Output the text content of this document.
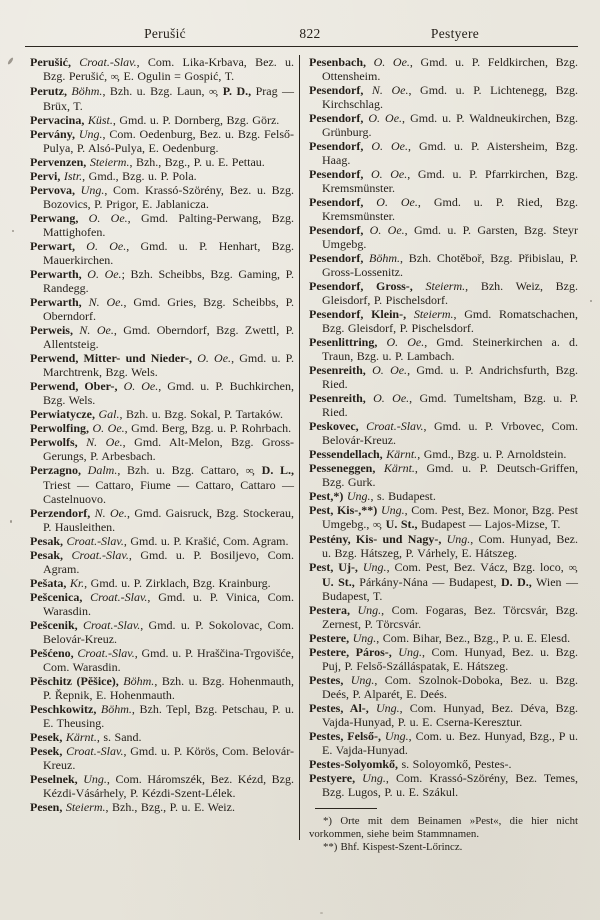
Perušić	822	Pestyere

Perušić, Croat.-Slav., Com. Lika-Krbava, Bez. u. Bzg. Perušić, ∞, E. Ogulin = Gospić, T.

Perutz, Böhm., Bzh. u. Bzg. Laun, ∞, P. D., Prag — Brüx, T.

Pervacina, Küst., Gmd. u. P. Dornberg, Bzg. Görz.

Pervány, Ung., Com. Oedenburg, Bez. u. Bzg. Felső-Pulya, P. Alsó-Pulya, E. Oedenburg.

Pervenzen, Steierm., Bzh., Bzg., P. u. E. Pettau.

Pervi, Istr., Gmd., Bzg. u. P. Pola.

Pervova, Ung., Com. Krassó-Szörény, Bez. u. Bzg. Bozovics, P. Prigor, E. Jablanicza.

Perwang, O. Oe., Gmd. Palting-Perwang, Bzg. Mattighofen.

Perwart, O. Oe., Gmd. u. P. Henhart, Bzg. Mauerkirchen.

Perwarth, O. Oe.; Bzh. Scheibbs, Bzg. Gaming, P. Randegg.

Perwarth, N. Oe., Gmd. Gries, Bzg. Scheibbs, P. Oberndorf.

Perweis, N. Oe., Gmd. Oberndorf, Bzg. Zwettl, P. Allentsteig.

Perwend, Mitter- und Nieder-, O. Oe., Gmd. u. P. Marchtrenk, Bzg. Wels.

Perwend, Ober-, O. Oe., Gmd. u. P. Buchkirchen, Bzg. Wels.

Perwiatycze, Gal., Bzh. u. Bzg. Sokal, P. Tartaków.

Perwolfing, O. Oe., Gmd. Berg, Bzg. u. P. Rohrbach.

Perwolfs, N. Oe., Gmd. Alt-Melon, Bzg. Gross-Gerungs, P. Arbesbach.

Perzagno, Dalm., Bzh. u. Bzg. Cattaro, ∞, D. L., Triest — Cattaro, Fiume — Cattaro, Cattaro — Castelnuovo.

Perzendorf, N. Oe., Gmd. Gaisruck, Bzg. Stockerau, P. Hausleithen.

Pesak, Croat.-Slav., Gmd. u. P. Krašić, Com. Agram.

Pesak, Croat.-Slav., Gmd. u. P. Bosiljevo, Com. Agram.

Pešata, Kr., Gmd. u. P. Zirklach, Bzg. Krainburg.

Pešcenica, Croat.-Slav., Gmd. u. P. Vinica, Com. Warasdin.

Pešcenik, Croat.-Slav., Gmd. u. P. Sokolovac, Com. Belovár-Kreuz.

Pešćeno, Croat.-Slav., Gmd. u. P. Hraščina-Trgovišće, Com. Warasdin.

Pĕschitz (Pĕšice), Böhm., Bzh. u. Bzg. Hohenmauth, P. Řepnik, E. Hohenmauth.

Peschkowitz, Böhm., Bzh. Tepl, Bzg. Petschau, P. u. E. Theusing.

Pesek, Kärnt., s. Sand.

Pesek, Croat.-Slav., Gmd. u. P. Körös, Com. Belovár-Kreuz.

Peselnek, Ung., Com. Háromszék, Bez. Kézd, Bzg. Kézdi-Vásárhely, P. Kézdi-Szent-Lélek.

Pesen, Steierm., Bzh., Bzg., P. u. E. Weiz.

Pesenbach, O. Oe., Gmd. u. P. Feldkirchen, Bzg. Ottensheim.

Pesendorf, N. Oe., Gmd. u. P. Lichtenegg, Bzg. Kirchschlag.

Pesendorf, O. Oe., Gmd. u. P. Waldneukirchen, Bzg. Grünburg.

Pesendorf, O. Oe., Gmd. u. P. Aistersheim, Bzg. Haag.

Pesendorf, O. Oe., Gmd. u. P. Pfarrkirchen, Bzg. Kremsmünster.

Pesendorf, O. Oe., Gmd. u. P. Ried, Bzg. Kremsmünster.

Pesendorf, O. Oe., Gmd. u. P. Garsten, Bzg. Steyr Umgebg.

Pesendorf, Böhm., Bzh. Chotěboř, Bzg. Přibislau, P. Gross-Lossenitz.

Pesendorf, Gross-, Steierm., Bzh. Weiz, Bzg. Gleisdorf, P. Pischelsdorf.

Pesendorf, Klein-, Steierm., Gmd. Romatschachen, Bzg. Gleisdorf, P. Pischelsdorf.

Pesenlittring, O. Oe., Gmd. Steinerkirchen a. d. Traun, Bzg. u. P. Lambach.

Pesenreith, O. Oe., Gmd. u. P. Andrichsfurth, Bzg. Ried.

Pesenreith, O. Oe., Gmd. Tumeltsham, Bzg. u. P. Ried.

Peskovec, Croat.-Slav., Gmd. u. P. Vrbovec, Com. Belovár-Kreuz.

Pessendellach, Kärnt., Gmd., Bzg. u. P. Arnoldstein.

Pesseneggen, Kärnt., Gmd. u. P. Deutsch-Griffen, Bzg. Gurk.

Pest,*) Ung., s. Budapest.

Pest, Kis-,**) Ung., Com. Pest, Bez. Monor, Bzg. Pest Umgebg., ∞, U. St., Budapest — Lajos-Mizse, T.

Pestény, Kis- und Nagy-, Ung., Com. Hunyad, Bez. u. Bzg. Hátszeg, P. Várhely, E. Hátszeg.

Pest, Uj-, Ung., Com. Pest, Bez. Vácz, Bzg. loco, ∞, U. St., Párkány-Nána — Budapest, D. D., Wien — Budapest, T.

Pestera, Ung., Com. Fogaras, Bez. Törcsvár, Bzg. Zernest, P. Törcsvár.

Pestere, Ung., Com. Bihar, Bez., Bzg., P. u. E. Elesd.

Pestere, Páros-, Ung., Com. Hunyad, Bez. u. Bzg. Puj, P. Felső-Szálláspatak, E. Hátszeg.

Pestes, Ung., Com. Szolnok-Doboka, Bez. u. Bzg. Deés, P. Alparét, E. Deés.

Pestes, Al-, Ung., Com. Hunyad, Bez. Déva, Bzg. Vajda-Hunyad, P. u. E. Cserna-Keresztur.

Pestes, Felső-, Ung., Com. u. Bez. Hunyad, Bzg., P u. E. Vajda-Hunyad.

Pestes-Solyomkő, s. Soloyomkő, Pestes-.

Pestyere, Ung., Com. Krassó-Szörény, Bez. Temes, Bzg. Lugos, P. u. E. Szákul.

*) Orte mit dem Beinamen »Pest«, die hier nicht vorkommen, siehe beim Stammnamen.

**) Bhf. Kispest-Szent-Lőrincz.
